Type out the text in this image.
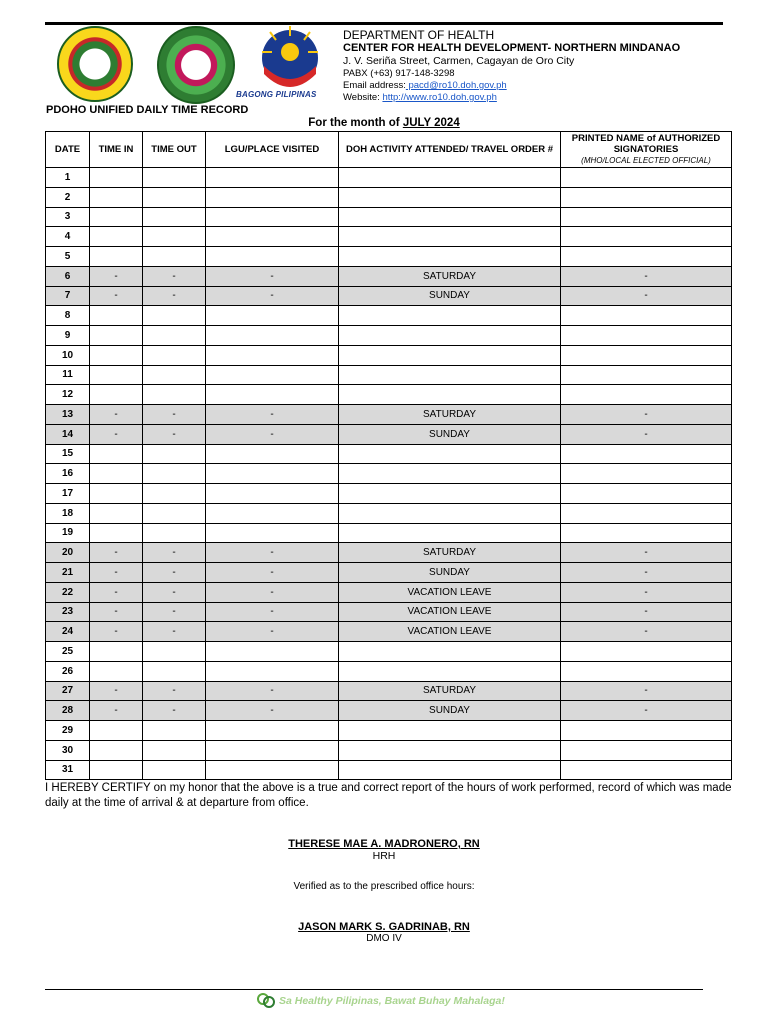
BAGONG PILIPINAS
DEPARTMENT OF HEALTH
CENTER FOR HEALTH DEVELOPMENT- NORTHERN MINDANAO
J. V. Seriña Street, Carmen, Cagayan de Oro City
PABX (+63) 917-148-3298
Email address: pacd@ro10.doh.gov.ph
Website: http://www.ro10.doh.gov.ph
PDOHO UNIFIED DAILY TIME RECORD
For the month of JULY 2024
DATE	TIME IN	TIME OUT	LGU/PLACE VISITED	DOH ACTIVITY ATTENDED/ TRAVEL ORDER #	PRINTED NAME of AUTHORIZED SIGNATORIES
(MHO/LOCAL ELECTED OFFICIAL)

1					
2					
3					
4					
5					
6	-	-	-	SATURDAY	-
7	-	-	-	SUNDAY	-
8					
9					
10					
11					
12					
13	-	-	-	SATURDAY	-
14	-	-	-	SUNDAY	-
15					
16					
17					
18					
19					
20	-	-	-	SATURDAY	-
21	-	-	-	SUNDAY	-
22	-	-	-	VACATION LEAVE	-
23	-	-	-	VACATION LEAVE	-
24	-	-	-	VACATION LEAVE	-
25					
26					
27	-	-	-	SATURDAY	-
28	-	-	-	SUNDAY	-
29					
30					
31					
I HEREBY CERTIFY on my honor that the above is a true and correct report of the hours of work performed, record of which was made daily at the time of arrival & at departure from office.
THERESE MAE A. MADRONERO, RN
HRH
Verified as to the prescribed office hours:
JASON MARK S. GADRINAB, RN
DMO IV
Sa Healthy Pilipinas, Bawat Buhay Mahalaga!
